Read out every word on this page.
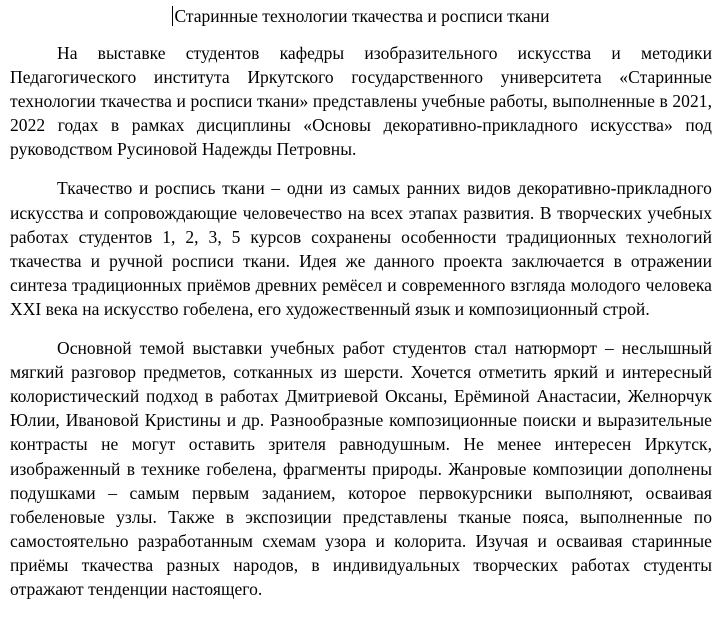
Старинные технологии ткачества и росписи ткани

На выставке студентов кафедры изобразительного искусства и методики Педагогического института Иркутского государственного университета «Старинные технологии ткачества и росписи ткани» представлены учебные работы, выполненные в 2021, 2022 годах в рамках дисциплины «Основы декоративно-прикладного искусства» под руководством Русиновой Надежды Петровны.

Ткачество и роспись ткани – одни из самых ранних видов декоративно-прикладного искусства и сопровождающие человечество на всех этапах развития. В творческих учебных работах студентов 1, 2, 3, 5 курсов сохранены особенности традиционных технологий ткачества и ручной росписи ткани. Идея же данного проекта заключается в отражении синтеза традиционных приёмов древних ремёсел и современного взгляда молодого человека XXI века на искусство гобелена, его художественный язык и композиционный строй.

Основной темой выставки учебных работ студентов стал натюрморт – неслышный мягкий разговор предметов, сотканных из шерсти. Хочется отметить яркий и интересный колористический подход в работах Дмитриевой Оксаны, Ерёминой Анастасии, Желнорчук Юлии, Ивановой Кристины и др. Разнообразные композиционные поиски и выразительные контрасты не могут оставить зрителя равнодушным. Не менее интересен Иркутск, изображенный в технике гобелена, фрагменты природы. Жанровые композиции дополнены подушками – самым первым заданием, которое первокурсники выполняют, осваивая гобеленовые узлы. Также в экспозиции представлены тканые пояса, выполненные по самостоятельно разработанным схемам узора и колорита. Изучая и осваивая старинные приёмы ткачества разных народов, в индивидуальных творческих работах студенты отражают тенденции настоящего.
